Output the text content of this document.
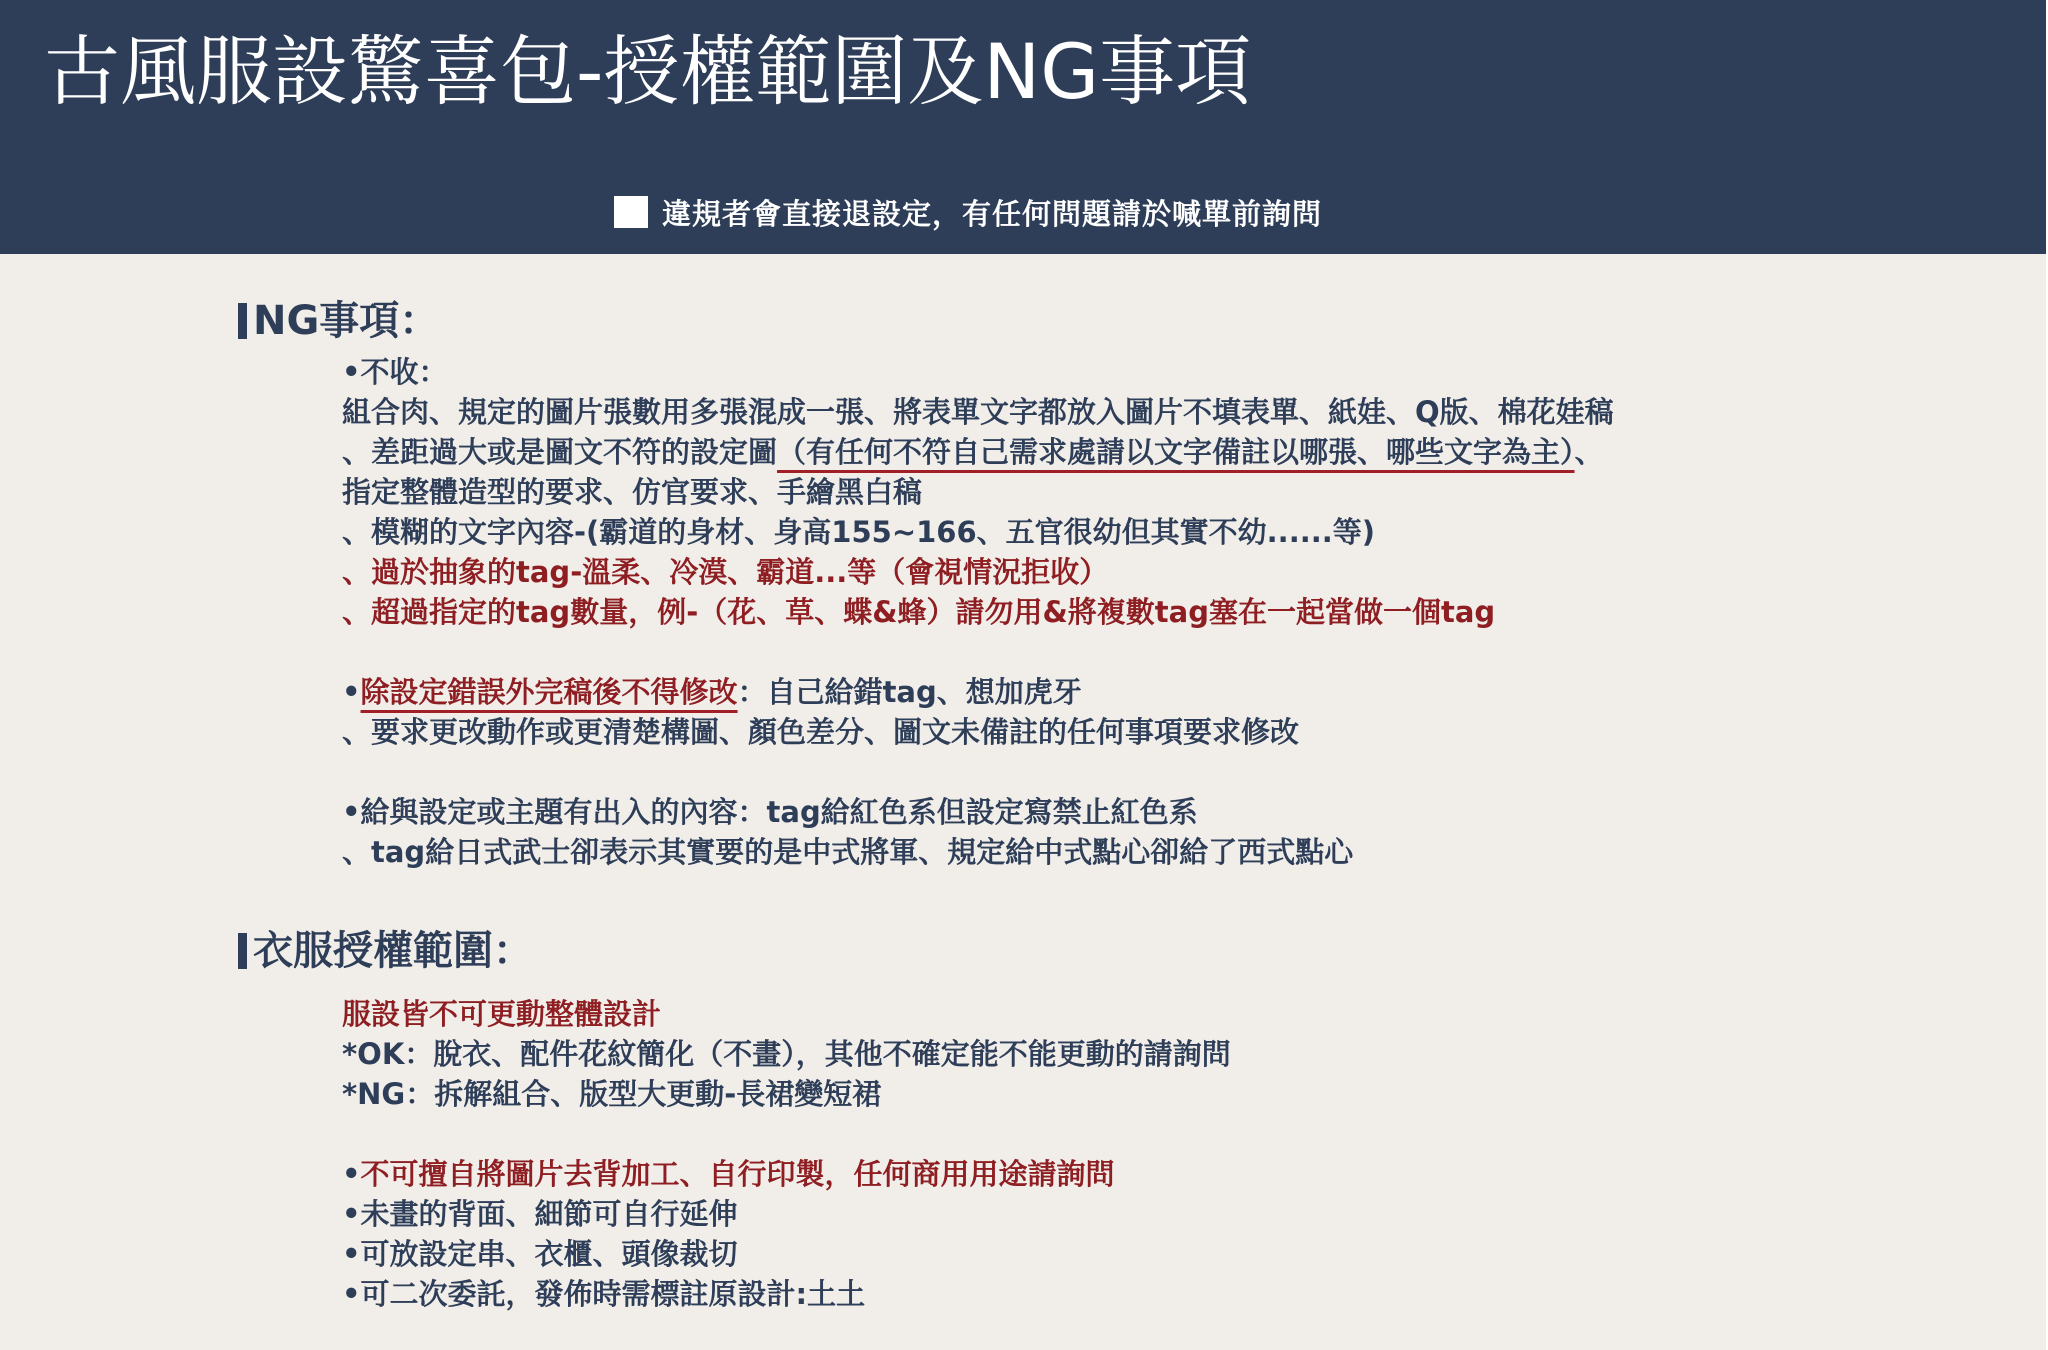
古風服設驚喜包-授權範圍及NG事項
違規者會直接退設定，有任何問題請於喊單前詢問
NG事項：
•不收：
組合肉、規定的圖片張數用多張混成一張、將表單文字都放入圖片不填表單、紙娃、Q版、棉花娃稿
、差距過大或是圖文不符的設定圖（有任何不符自己需求處請以文字備註以哪張、哪些文字為主）、
指定整體造型的要求、仿官要求、手繪黑白稿
、模糊的文字內容-(霸道的身材、身高155~166、五官很幼但其實不幼......等)
、過於抽象的tag-溫柔、冷漠、霸道...等（會視情況拒收）
、超過指定的tag數量，例-（花、草、蝶&蜂）請勿用&將複數tag塞在一起當做一個tag
•除設定錯誤外完稿後不得修改：自己給錯tag、想加虎牙
、要求更改動作或更清楚構圖、顏色差分、圖文未備註的任何事項要求修改
•給與設定或主題有出入的內容：tag給紅色系但設定寫禁止紅色系
、tag給日式武士卻表示其實要的是中式將軍、規定給中式點心卻給了西式點心
衣服授權範圍：
服設皆不可更動整體設計
*OK：脫衣、配件花紋簡化（不畫），其他不確定能不能更動的請詢問
*NG：拆解組合、版型大更動-長裙變短裙
•不可擅自將圖片去背加工、自行印製，任何商用用途請詢問
•未畫的背面、細節可自行延伸
•可放設定串、衣櫃、頭像裁切
•可二次委託，發佈時需標註原設計:土土
